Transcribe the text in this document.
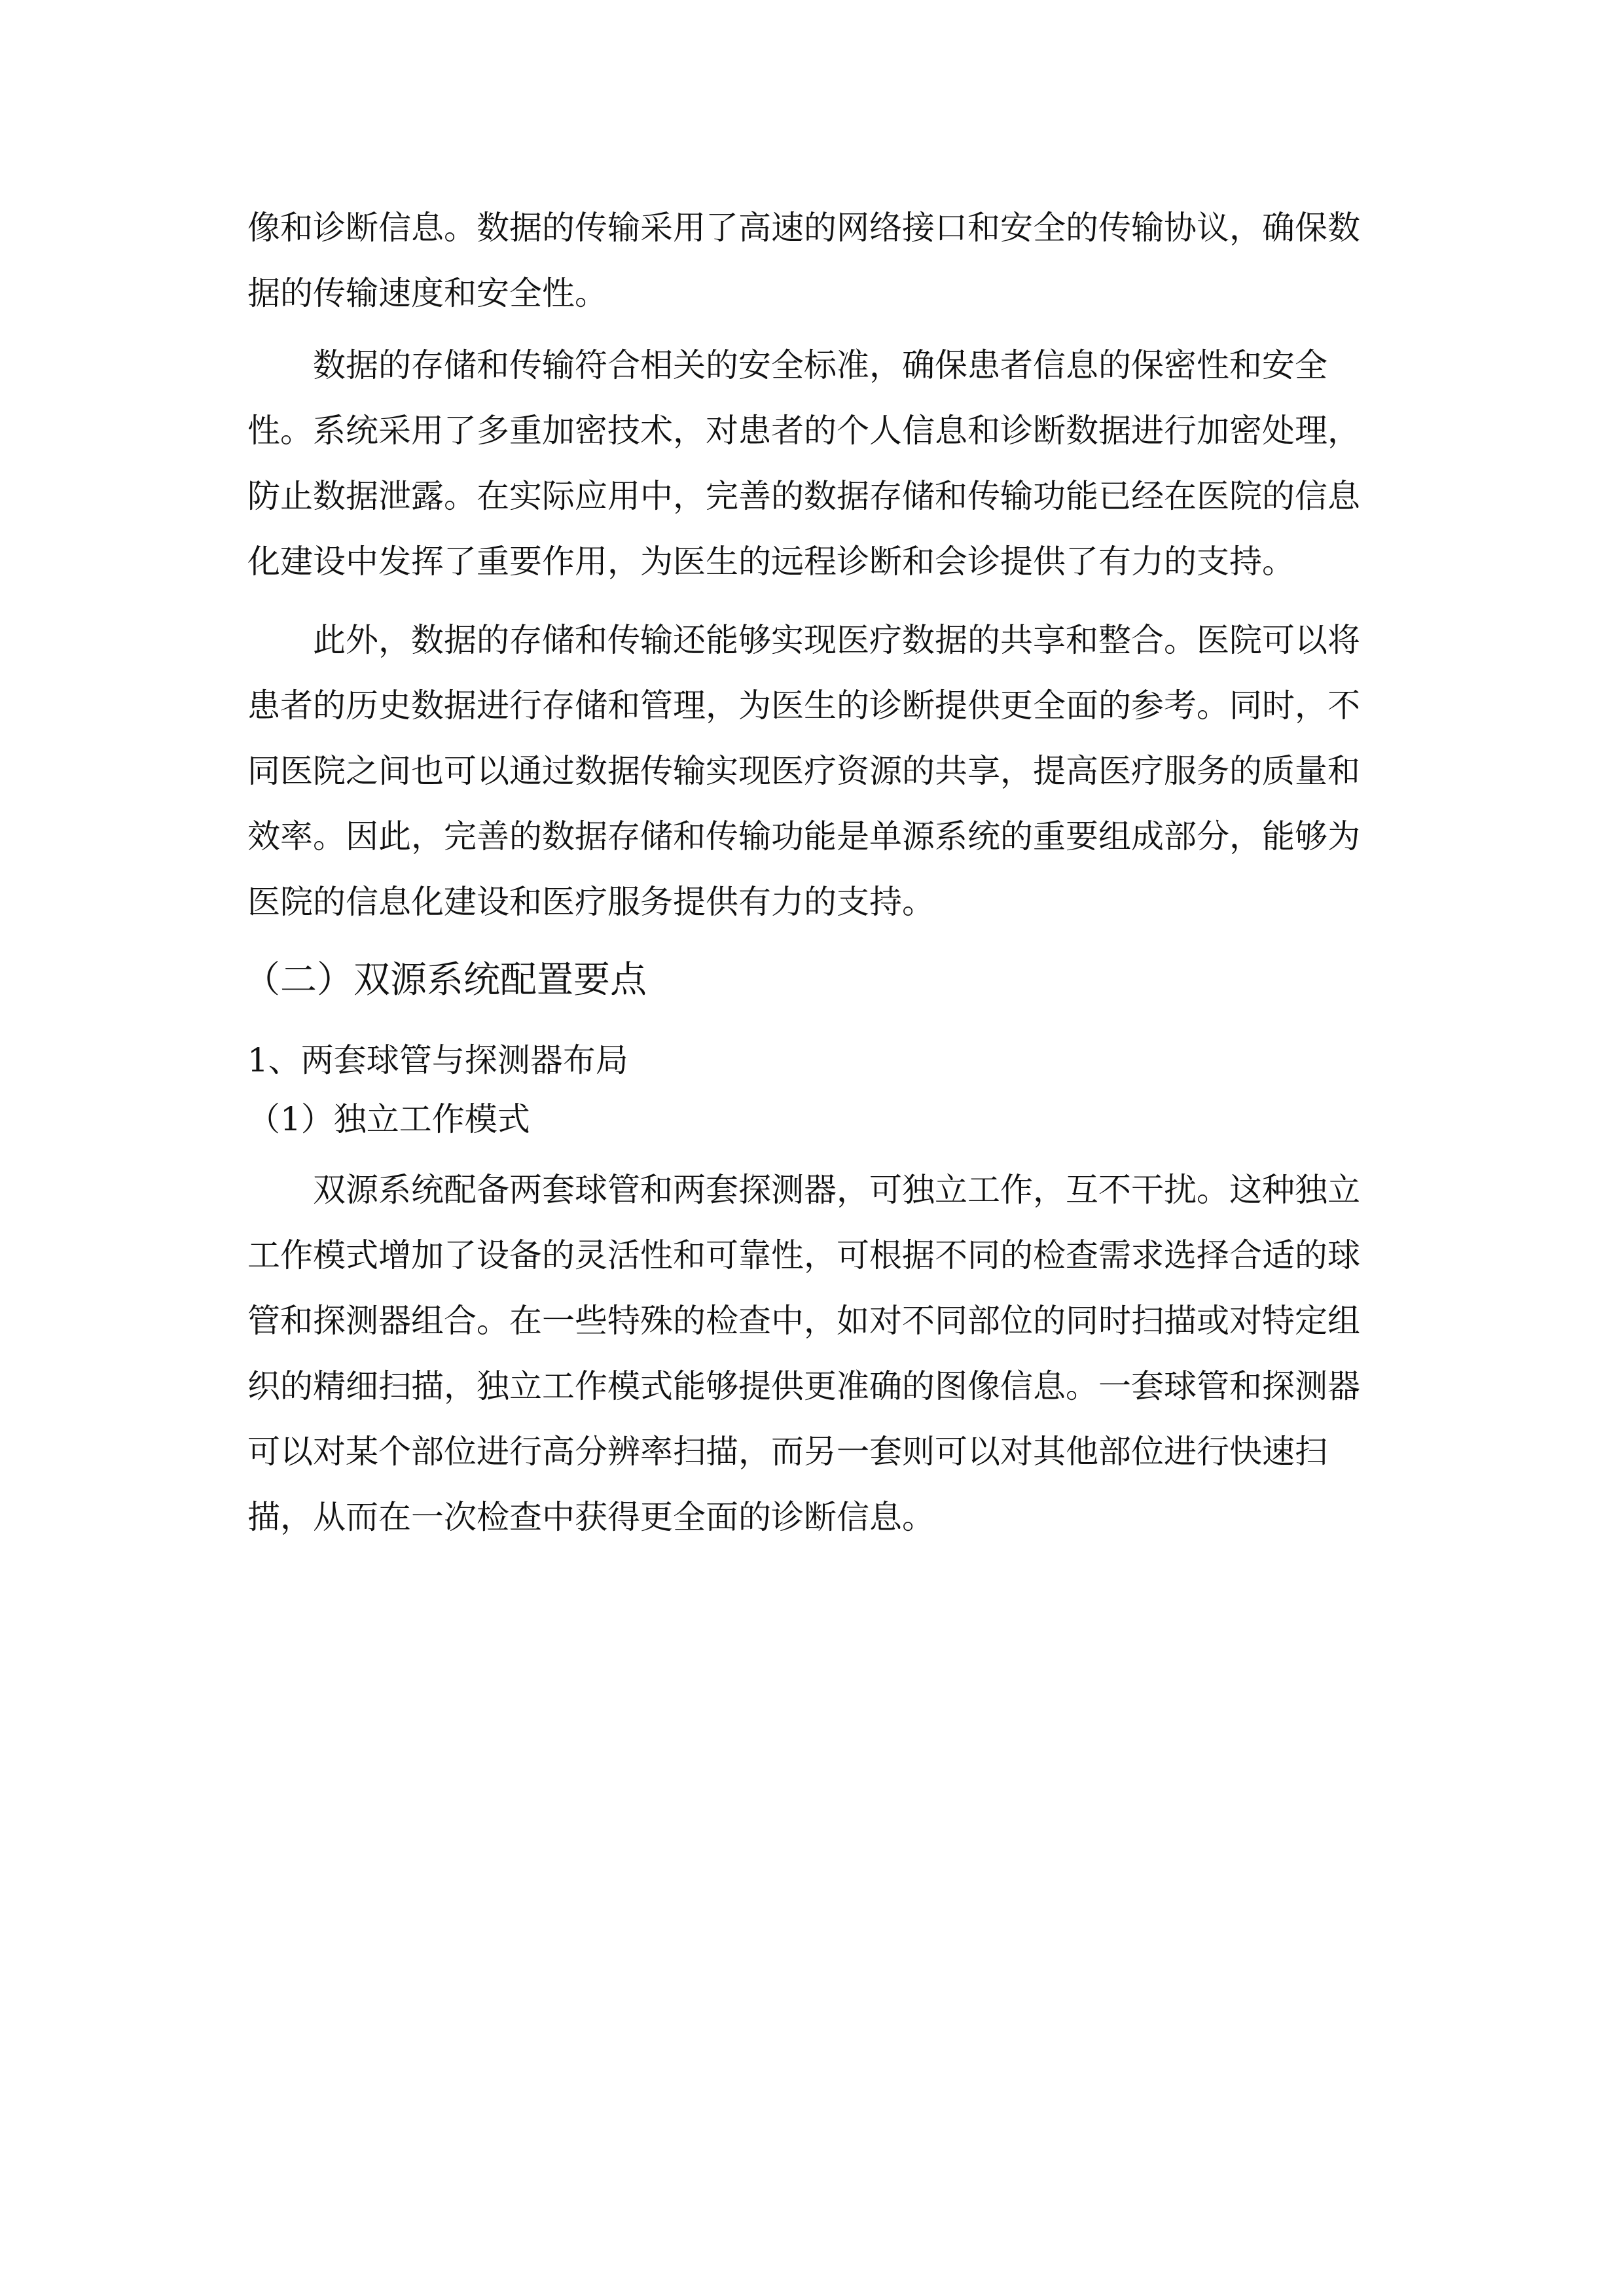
像和诊断信息。数据的传输采用了高速的网络接口和安全的传输协议，确保数
据的传输速度和安全性。
数据的存储和传输符合相关的安全标准，确保患者信息的保密性和安全
性。系统采用了多重加密技术，对患者的个人信息和诊断数据进行加密处理，
防止数据泄露。在实际应用中，完善的数据存储和传输功能已经在医院的信息
化建设中发挥了重要作用，为医生的远程诊断和会诊提供了有力的支持。
此外，数据的存储和传输还能够实现医疗数据的共享和整合。医院可以将
患者的历史数据进行存储和管理，为医生的诊断提供更全面的参考。同时，不
同医院之间也可以通过数据传输实现医疗资源的共享，提高医疗服务的质量和
效率。因此，完善的数据存储和传输功能是单源系统的重要组成部分，能够为
医院的信息化建设和医疗服务提供有力的支持。
（二）双源系统配置要点
1、两套球管与探测器布局
（1）独立工作模式
双源系统配备两套球管和两套探测器，可独立工作，互不干扰。这种独立
工作模式增加了设备的灵活性和可靠性，可根据不同的检查需求选择合适的球
管和探测器组合。在一些特殊的检查中，如对不同部位的同时扫描或对特定组
织的精细扫描，独立工作模式能够提供更准确的图像信息。一套球管和探测器
可以对某个部位进行高分辨率扫描，而另一套则可以对其他部位进行快速扫
描，从而在一次检查中获得更全面的诊断信息。
